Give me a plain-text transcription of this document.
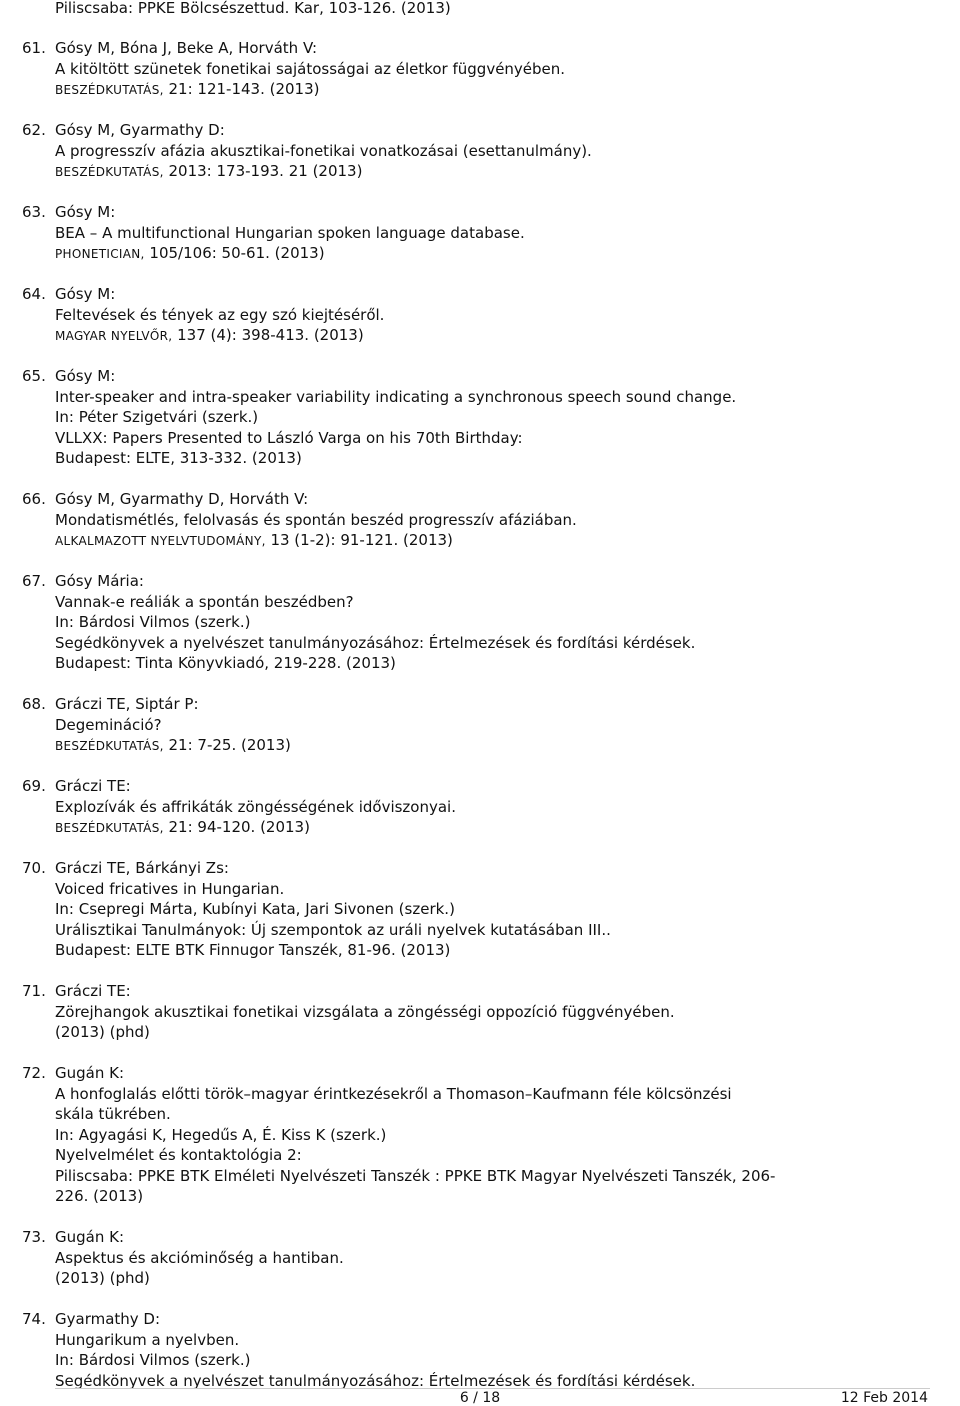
Piliscsaba: PPKE Bölcsészettud. Kar, 103-126. (2013)
61. Gósy M, Bóna J, Beke A, Horváth V:
A kitöltött szünetek fonetikai sajátosságai az életkor függvényében.
BESZÉDKUTATÁS, 21: 121-143. (2013)
62. Gósy M, Gyarmathy D:
A progresszív afázia akusztikai-fonetikai vonatkozásai (esettanulmány).
BESZÉDKUTATÁS, 2013: 173-193. 21 (2013)
63. Gósy M:
BEA – A multifunctional Hungarian spoken language database.
PHONETICIAN, 105/106: 50-61. (2013)
64. Gósy M:
Feltevések és tények az egy szó kiejtéséről.
MAGYAR NYELVŐR, 137 (4): 398-413. (2013)
65. Gósy M:
Inter-speaker and intra-speaker variability indicating a synchronous speech sound change.
In: Péter Szigetvári (szerk.)
VLLXX: Papers Presented to László Varga on his 70th Birthday:
Budapest: ELTE, 313-332. (2013)
66. Gósy M, Gyarmathy D, Horváth V:
Mondatismétlés, felolvasás és spontán beszéd progresszív afáziában.
ALKALMAZOTT NYELVTUDOMÁNY, 13 (1-2): 91-121. (2013)
67. Gósy Mária:
Vannak-e reáliák a spontán beszédben?
In: Bárdosi Vilmos (szerk.)
Segédkönyvek a nyelvészet tanulmányozásához: Értelmezések és fordítási kérdések.
Budapest: Tinta Könyvkiadó, 219-228. (2013)
68. Gráczi TE, Siptár P:
Degemináció?
BESZÉDKUTATÁS, 21: 7-25. (2013)
69. Gráczi TE:
Explozívák és affrikáták zöngésségének időviszonyai.
BESZÉDKUTATÁS, 21: 94-120. (2013)
70. Gráczi TE, Bárkányi Zs:
Voiced fricatives in Hungarian.
In: Csepregi Márta, Kubínyi Kata, Jari Sivonen (szerk.)
Urálisztikai Tanulmányok: Új szempontok az uráli nyelvek kutatásában III..
Budapest: ELTE BTK Finnugor Tanszék, 81-96. (2013)
71. Gráczi TE:
Zörejhangok akusztikai fonetikai vizsgálata a zöngésségi oppozíció függvényében.
(2013) (phd)
72. Gugán K:
A honfoglalás előtti török–magyar érintkezésekről a Thomason–Kaufmann féle kölcsönzési
skála tükrében.
In: Agyagási K, Hegedűs A, É. Kiss K (szerk.)
Nyelvelmélet és kontaktológia 2:
Piliscsaba: PPKE BTK Elméleti Nyelvészeti Tanszék : PPKE BTK Magyar Nyelvészeti Tanszék, 206-
226. (2013)
73. Gugán K:
Aspektus és akcióminőség a hantiban.
(2013) (phd)
74. Gyarmathy D:
Hungarikum a nyelvben.
In: Bárdosi Vilmos (szerk.)
Segédkönyvek a nyelvészet tanulmányozásához: Értelmezések és fordítási kérdések.
6 / 18	12 Feb 2014
